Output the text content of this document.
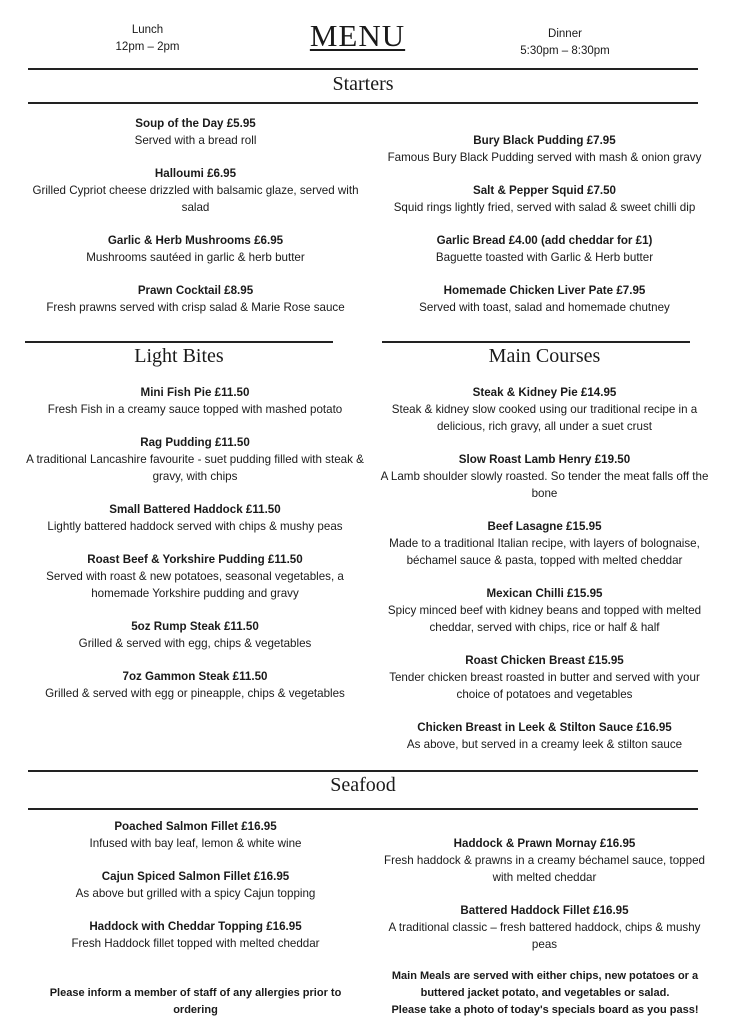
Lunch
12pm – 2pm	MENU	Dinner
5:30pm – 8:30pm
Starters
Soup of the Day £5.95
Served with a bread roll
Halloumi £6.95
Grilled Cypriot cheese drizzled with balsamic glaze, served with salad
Garlic & Herb Mushrooms £6.95
Mushrooms sautéed in garlic & herb butter
Prawn Cocktail £8.95
Fresh prawns served with crisp salad & Marie Rose sauce
Bury Black Pudding £7.95
Famous Bury Black Pudding served with mash & onion gravy
Salt & Pepper Squid £7.50
Squid rings lightly fried, served with salad & sweet chilli dip
Garlic Bread £4.00 (add cheddar for £1)
Baguette toasted with Garlic & Herb butter
Homemade Chicken Liver Pate £7.95
Served with toast, salad and homemade chutney
Light Bites
Mini Fish Pie £11.50
Fresh Fish in a creamy sauce topped with mashed potato
Rag Pudding £11.50
A traditional Lancashire favourite - suet pudding filled with steak & gravy, with chips
Small Battered Haddock £11.50
Lightly battered haddock served with chips & mushy peas
Roast Beef & Yorkshire Pudding £11.50
Served with roast & new potatoes, seasonal vegetables, a homemade Yorkshire pudding and gravy
5oz Rump Steak £11.50
Grilled & served with egg, chips & vegetables
7oz Gammon Steak £11.50
Grilled & served with egg or pineapple, chips & vegetables
Main Courses
Steak & Kidney Pie £14.95
Steak & kidney slow cooked using our traditional recipe in a delicious, rich gravy, all under a suet crust
Slow Roast Lamb Henry £19.50
A Lamb shoulder slowly roasted. So tender the meat falls off the bone
Beef Lasagne £15.95
Made to a traditional Italian recipe, with layers of bolognaise, béchamel sauce & pasta, topped with melted cheddar
Mexican Chilli £15.95
Spicy minced beef with kidney beans and topped with melted cheddar, served with chips, rice or half & half
Roast Chicken Breast £15.95
Tender chicken breast roasted in butter and served with your choice of potatoes and vegetables
Chicken Breast in Leek & Stilton Sauce £16.95
As above, but served in a creamy leek & stilton sauce
Seafood
Poached Salmon Fillet £16.95
Infused with bay leaf, lemon & white wine
Cajun Spiced Salmon Fillet £16.95
As above but grilled with a spicy Cajun topping
Haddock with Cheddar Topping £16.95
Fresh Haddock fillet topped with melted cheddar
Haddock & Prawn Mornay £16.95
Fresh haddock & prawns in a creamy béchamel sauce, topped with melted cheddar
Battered Haddock Fillet £16.95
A traditional classic – fresh battered haddock, chips & mushy peas
Please inform a member of staff of any allergies prior to ordering
Main Meals are served with either chips, new potatoes or a buttered jacket potato, and vegetables or salad.
Please take a photo of today's specials board as you pass!
